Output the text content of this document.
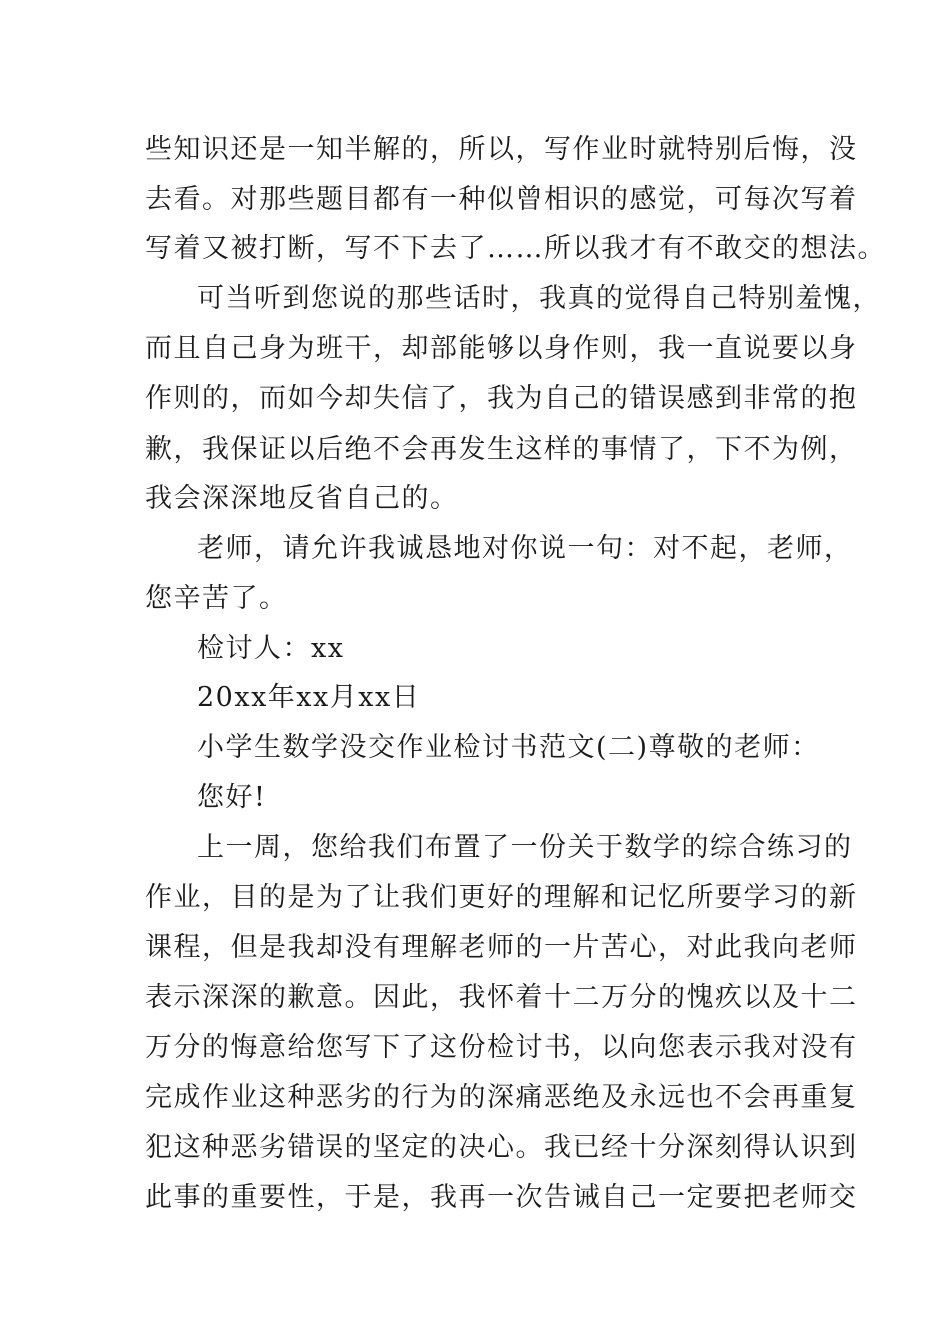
些知识还是一知半解的，所以，写作业时就特别后悔，没

去看。对那些题目都有一种似曾相识的感觉，可每次写着

写着又被打断，写不下去了……所以我才有不敢交的想法。

可当听到您说的那些话时，我真的觉得自己特别羞愧，

而且自己身为班干，却部能够以身作则，我一直说要以身

作则的，而如今却失信了，我为自己的错误感到非常的抱

歉，我保证以后绝不会再发生这样的事情了，下不为例，

我会深深地反省自己的。

老师，请允许我诚恳地对你说一句：对不起，老师，

您辛苦了。

检讨人：xx

20xx年xx月xx日

小学生数学没交作业检讨书范文(二)尊敬的老师：

您好!

上一周，您给我们布置了一份关于数学的综合练习的

作业，目的是为了让我们更好的理解和记忆所要学习的新

课程，但是我却没有理解老师的一片苦心，对此我向老师

表示深深的歉意。因此，我怀着十二万分的愧疚以及十二

万分的悔意给您写下了这份检讨书，以向您表示我对没有

完成作业这种恶劣的行为的深痛恶绝及永远也不会再重复

犯这种恶劣错误的坚定的决心。我已经十分深刻得认识到

此事的重要性，于是，我再一次告诫自己一定要把老师交
